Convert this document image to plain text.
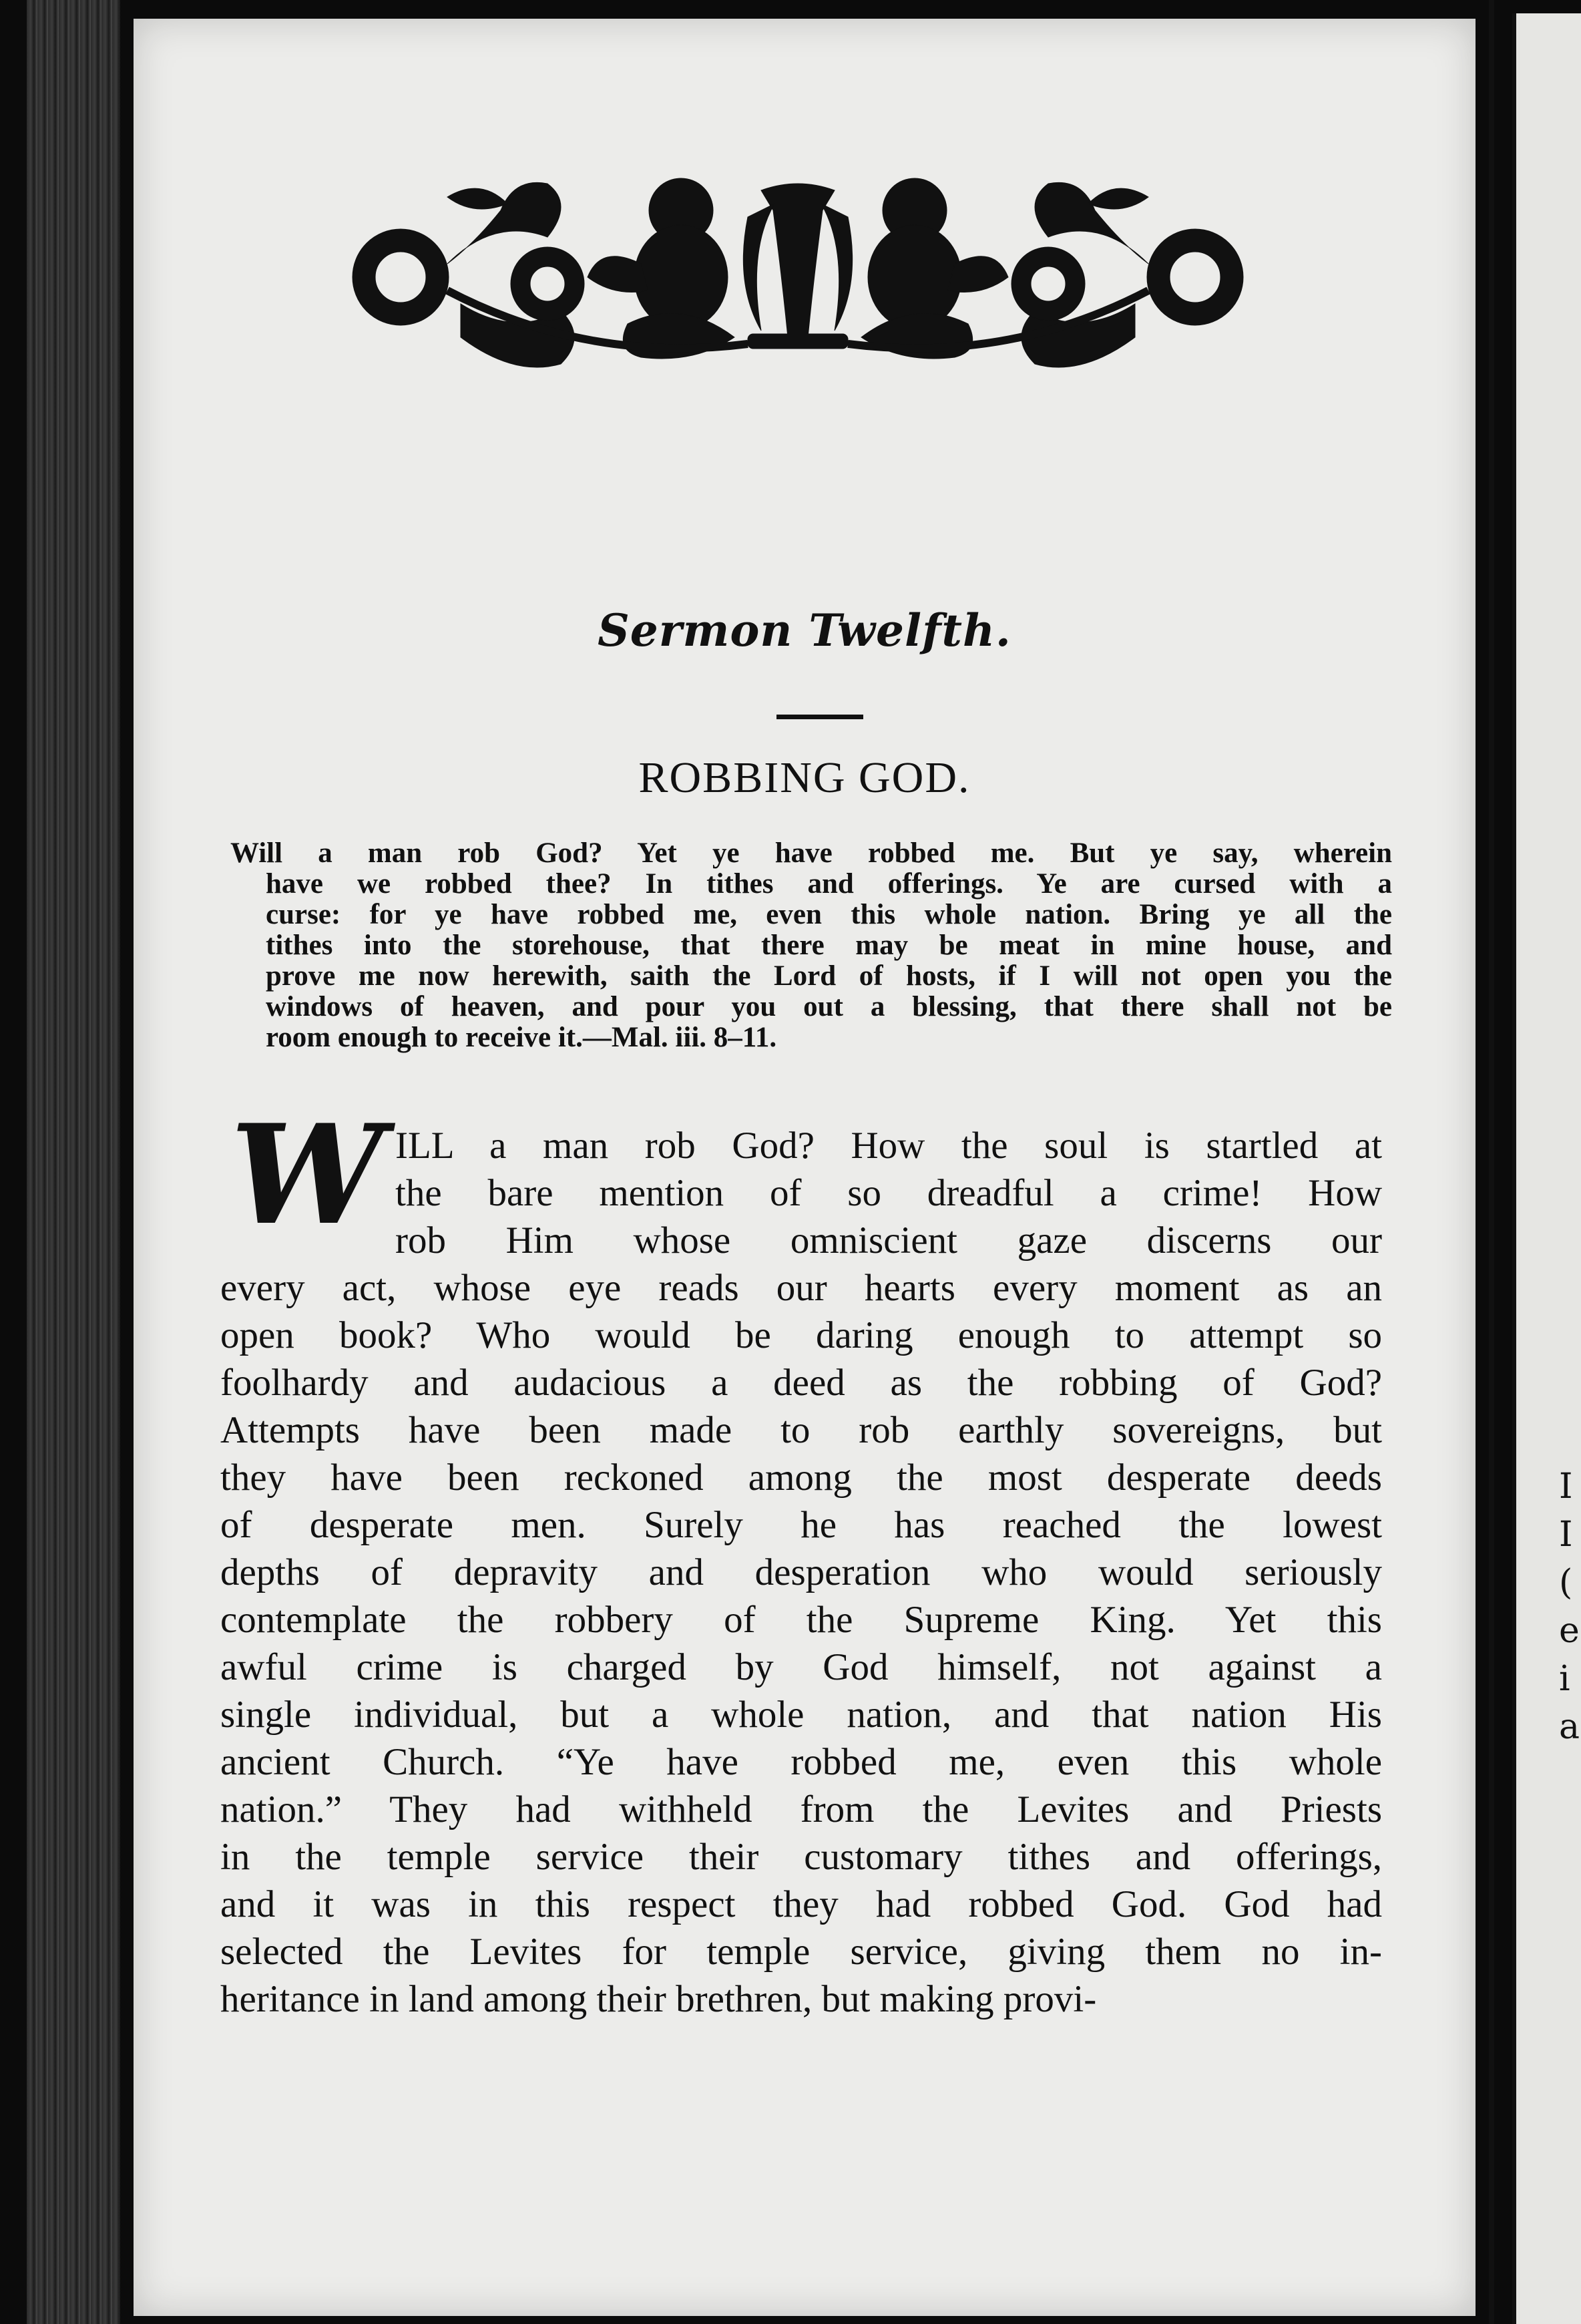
I
I
(
e
i
a
Sermon Twelfth.
ROBBING GOD.
Will a man rob God? Yet ye have robbed me. But ye say, wherein
have we robbed thee? In tithes and offerings. Ye are cursed with a
curse: for ye have robbed me, even this whole nation. Bring ye all the
tithes into the storehouse, that there may be meat in mine house, and
prove me now herewith, saith the Lord of hosts, if I will not open you the
windows of heaven, and pour you out a blessing, that there shall not be
room enough to receive it.—Mal. iii. 8–11.
W ILL a man rob God? How the soul is startled at
the bare mention of so dreadful a crime! How
rob Him whose omniscient gaze discerns our
every act, whose eye reads our hearts every moment as an
open book? Who would be daring enough to attempt so
foolhardy and audacious a deed as the robbing of God?
Attempts have been made to rob earthly sovereigns, but
they have been reckoned among the most desperate deeds
of desperate men. Surely he has reached the lowest
depths of depravity and desperation who would seriously
contemplate the robbery of the Supreme King. Yet this
awful crime is charged by God himself, not against a
single individual, but a whole nation, and that nation His
ancient Church. “Ye have robbed me, even this whole
nation.” They had withheld from the Levites and Priests
in the temple service their customary tithes and offerings,
and it was in this respect they had robbed God. God had
selected the Levites for temple service, giving them no in-
heritance in land among their brethren, but making provi-
